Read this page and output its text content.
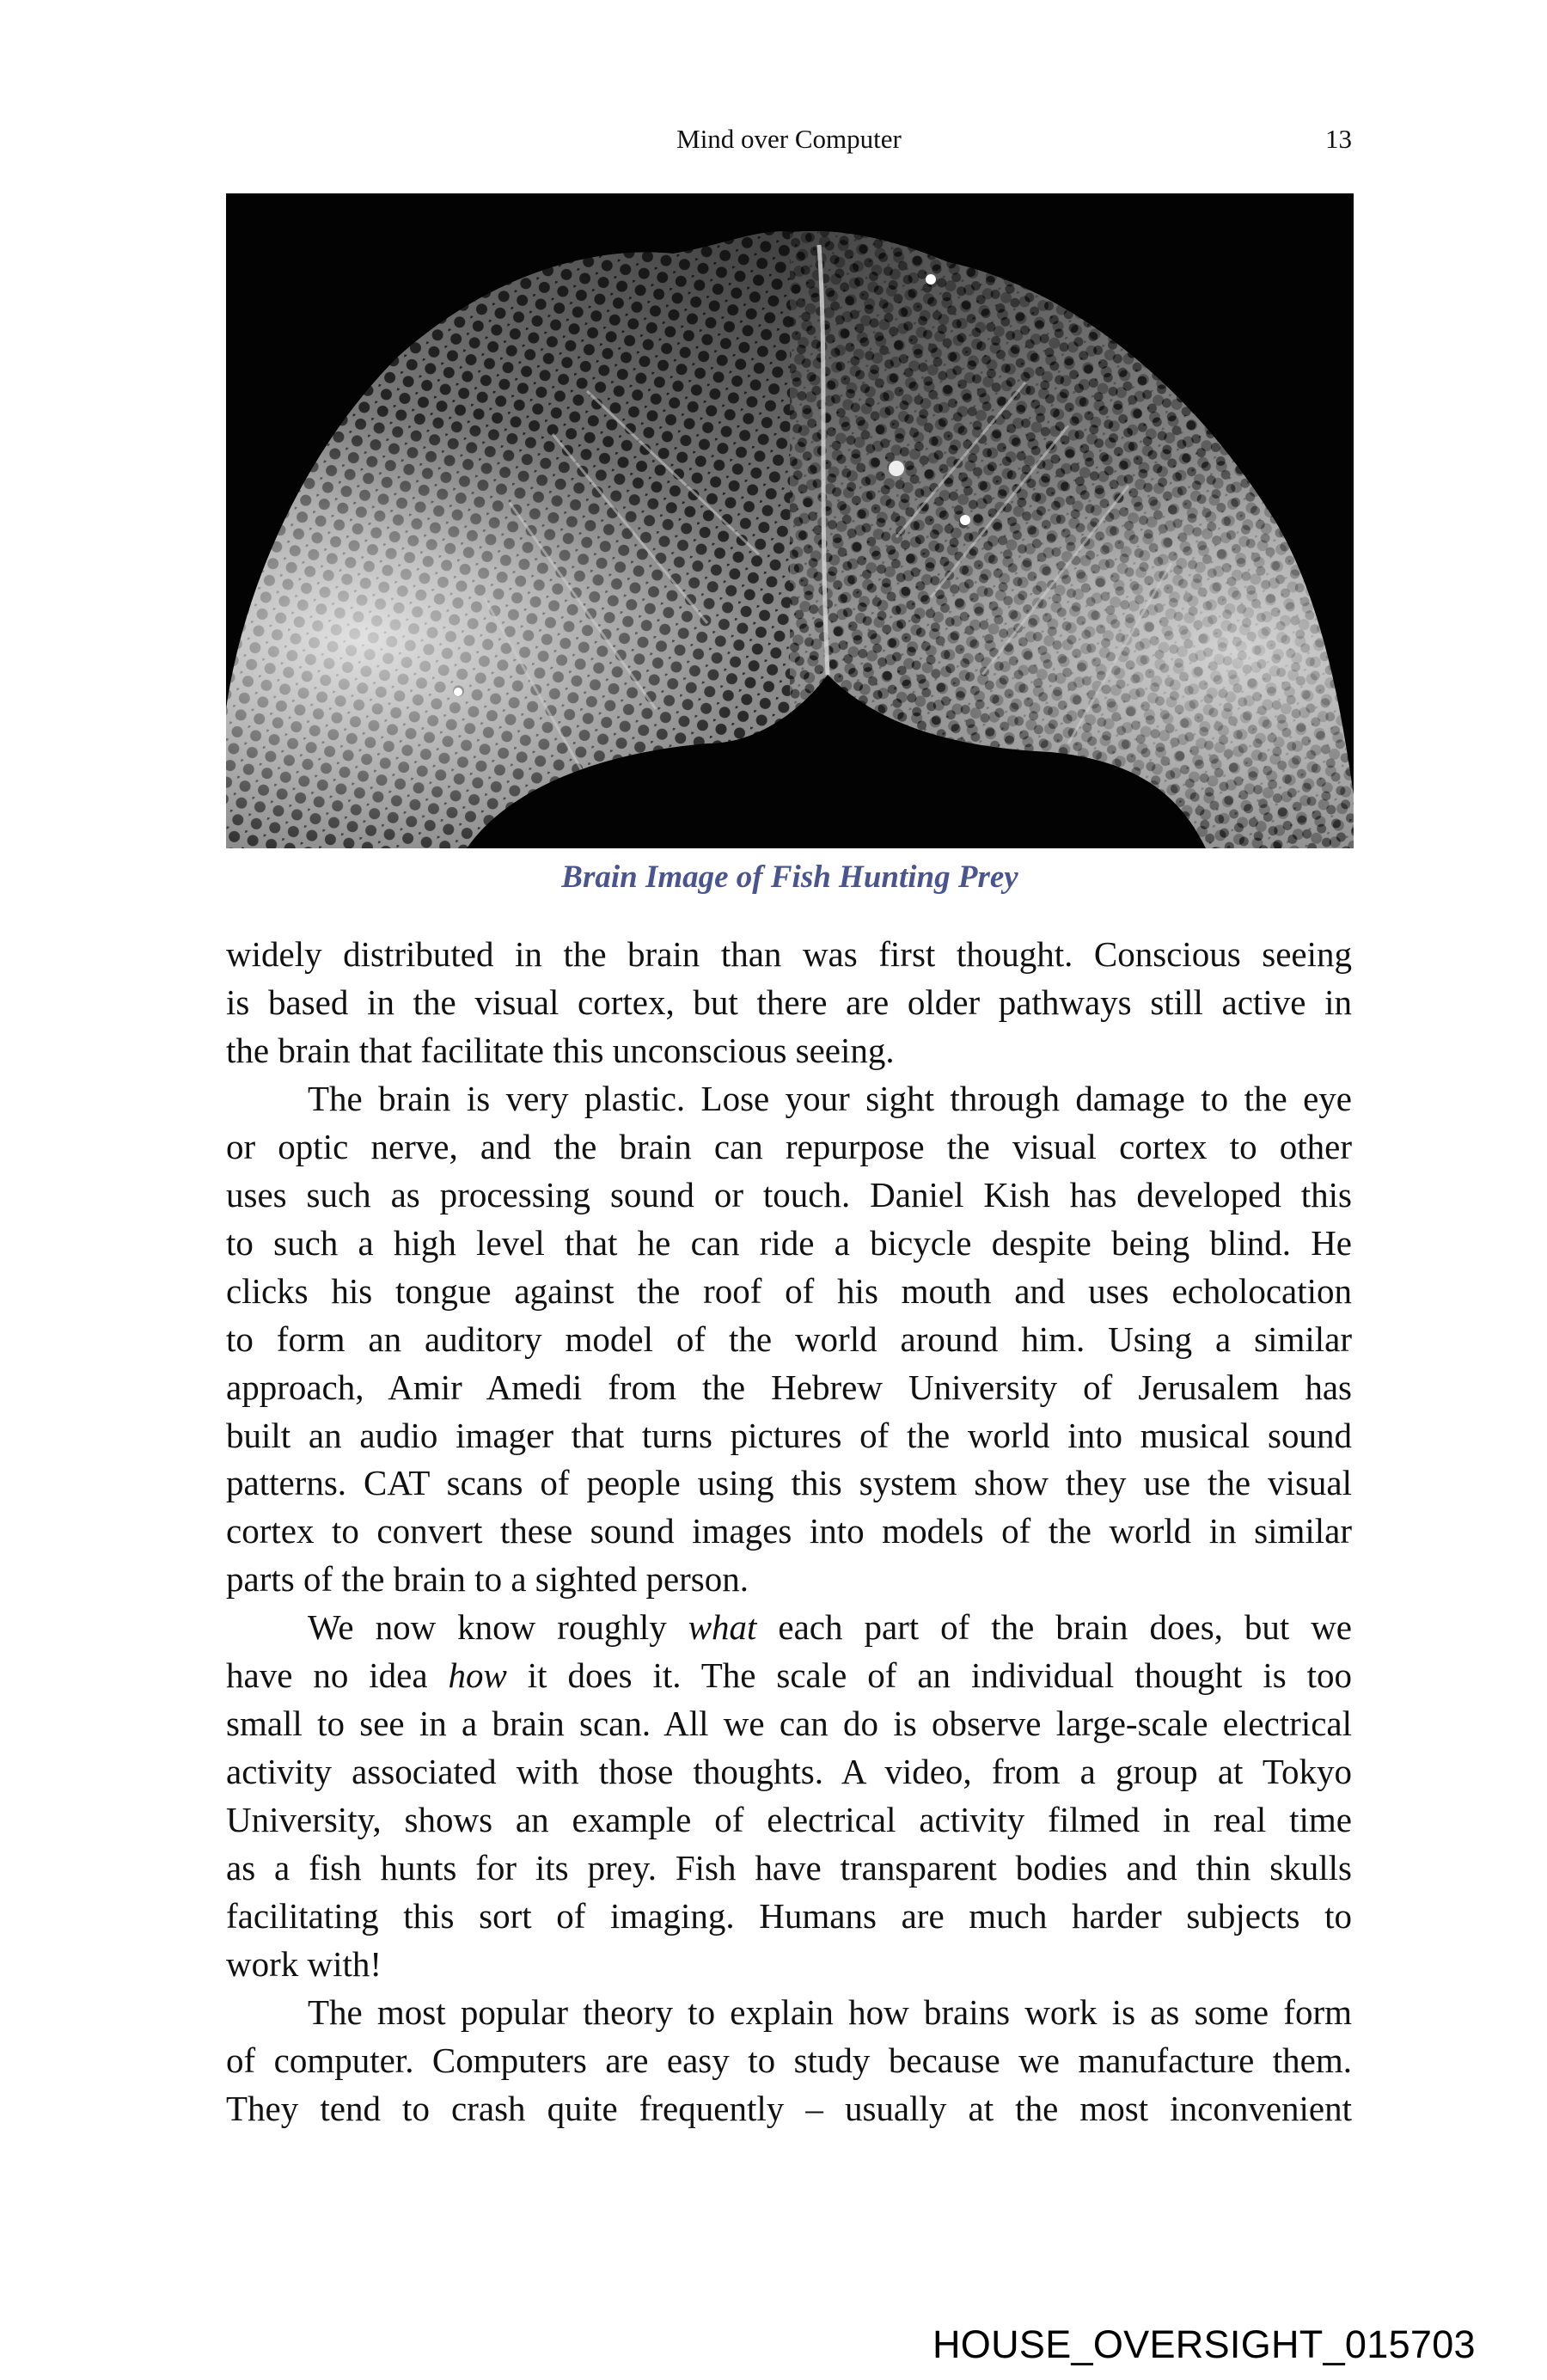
Mind over Computer	13
Brain Image of Fish Hunting Prey
widely distributed in the brain than was first thought. Conscious seeing
is based in the visual cortex, but there are older pathways still active in
the brain that facilitate this unconscious seeing.
The brain is very plastic. Lose your sight through damage to the eye
or optic nerve, and the brain can repurpose the visual cortex to other
uses such as processing sound or touch. Daniel Kish has developed this
to such a high level that he can ride a bicycle despite being blind. He
clicks his tongue against the roof of his mouth and uses echolocation
to form an auditory model of the world around him. Using a similar
approach, Amir Amedi from the Hebrew University of Jerusalem has
built an audio imager that turns pictures of the world into musical sound
patterns. CAT scans of people using this system show they use the visual
cortex to convert these sound images into models of the world in similar
parts of the brain to a sighted person.
We now know roughly what each part of the brain does, but we
have no idea how it does it. The scale of an individual thought is too
small to see in a brain scan. All we can do is observe large-scale electrical
activity associated with those thoughts. A video, from a group at Tokyo
University, shows an example of electrical activity filmed in real time
as a fish hunts for its prey. Fish have transparent bodies and thin skulls
facilitating this sort of imaging. Humans are much harder subjects to
work with!
The most popular theory to explain how brains work is as some form
of computer. Computers are easy to study because we manufacture them.
They tend to crash quite frequently – usually at the most inconvenient
HOUSE_OVERSIGHT_015703
